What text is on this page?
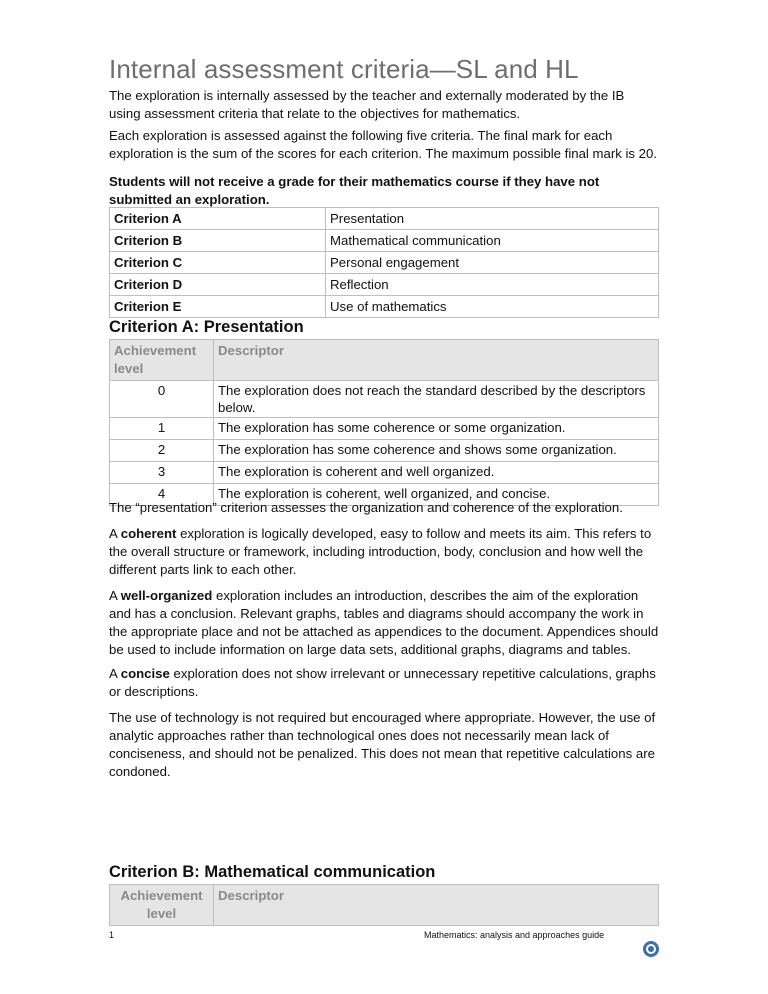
Internal assessment criteria—SL and HL

The exploration is internally assessed by the teacher and externally moderated by the IB using assessment criteria that relate to the objectives for mathematics.

Each exploration is assessed against the following five criteria. The final mark for each exploration is the sum of the scores for each criterion. The maximum possible final mark is 20.

Students will not receive a grade for their mathematics course if they have not submitted an exploration.

Criterion A	Presentation
Criterion B	Mathematical communication
Criterion C	Personal engagement
Criterion D	Reflection
Criterion E	Use of mathematics
Criterion A: Presentation
Achievement level	Descriptor
0	The exploration does not reach the standard described by the descriptors below.
1	The exploration has some coherence or some organization.
2	The exploration has some coherence and shows some organization.
3	The exploration is coherent and well organized.
4	The exploration is coherent, well organized, and concise.

The “presentation” criterion assesses the organization and coherence of the exploration.

A coherent exploration is logically developed, easy to follow and meets its aim. This refers to the overall structure or framework, including introduction, body, conclusion and how well the different parts link to each other.

A well-organized exploration includes an introduction, describes the aim of the exploration and has a conclusion. Relevant graphs, tables and diagrams should accompany the work in the appropriate place and not be attached as appendices to the document. Appendices should be used to include information on large data sets, additional graphs, diagrams and tables.

A concise exploration does not show irrelevant or unnecessary repetitive calculations, graphs or descriptions.

The use of technology is not required but encouraged where appropriate. However, the use of analytic approaches rather than technological ones does not necessarily mean lack of conciseness, and should not be penalized. This does not mean that repetitive calculations are condoned.

Criterion B: Mathematical communication
Achievement level	Descriptor
1	Mathematics: analysis and approaches guide
